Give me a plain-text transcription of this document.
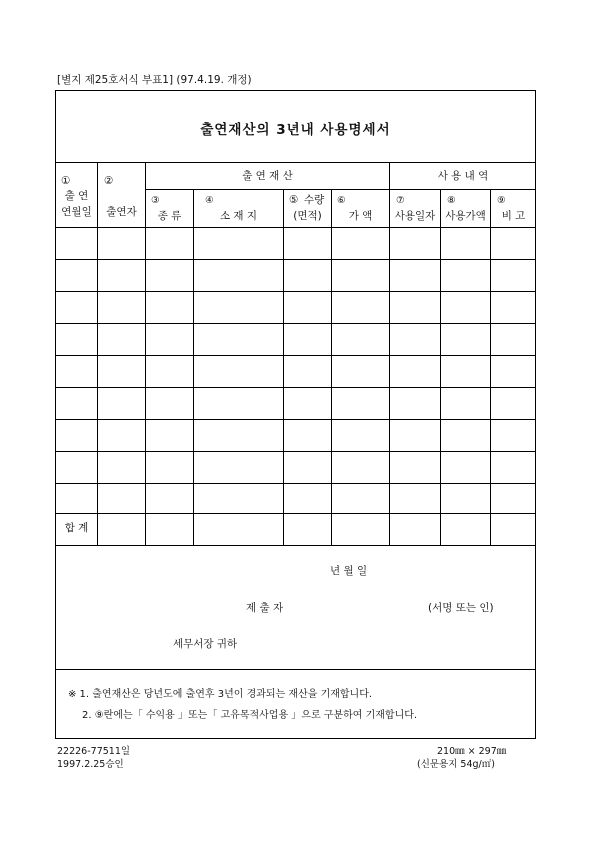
[별지 제25호서식 부표1] (97.4.19. 개정)
출연재산의 3년내 사용명세서
①
출 연
연월일
②
출연자
출 연 재 산	사 용 내 역
③
종 류
④
소 재 지
⑤ 수량
(면적)
⑥
가 액
⑦
사용일자
⑧
사용가액
⑨
비 고
합 계
년 월 일
제 출 자	(서명 또는 인)
세무서장 귀하
※ 1. 출연재산은 당년도에 출연후 3년이 경과되는 재산을 기재합니다.
2. ⑨란에는「 수익용 」또는「 고유목적사업용 」으로 구분하여 기재합니다.
22226-77511일
1997.2.25승인
210㎜ × 297㎜
(신문용지 54g/㎡)
